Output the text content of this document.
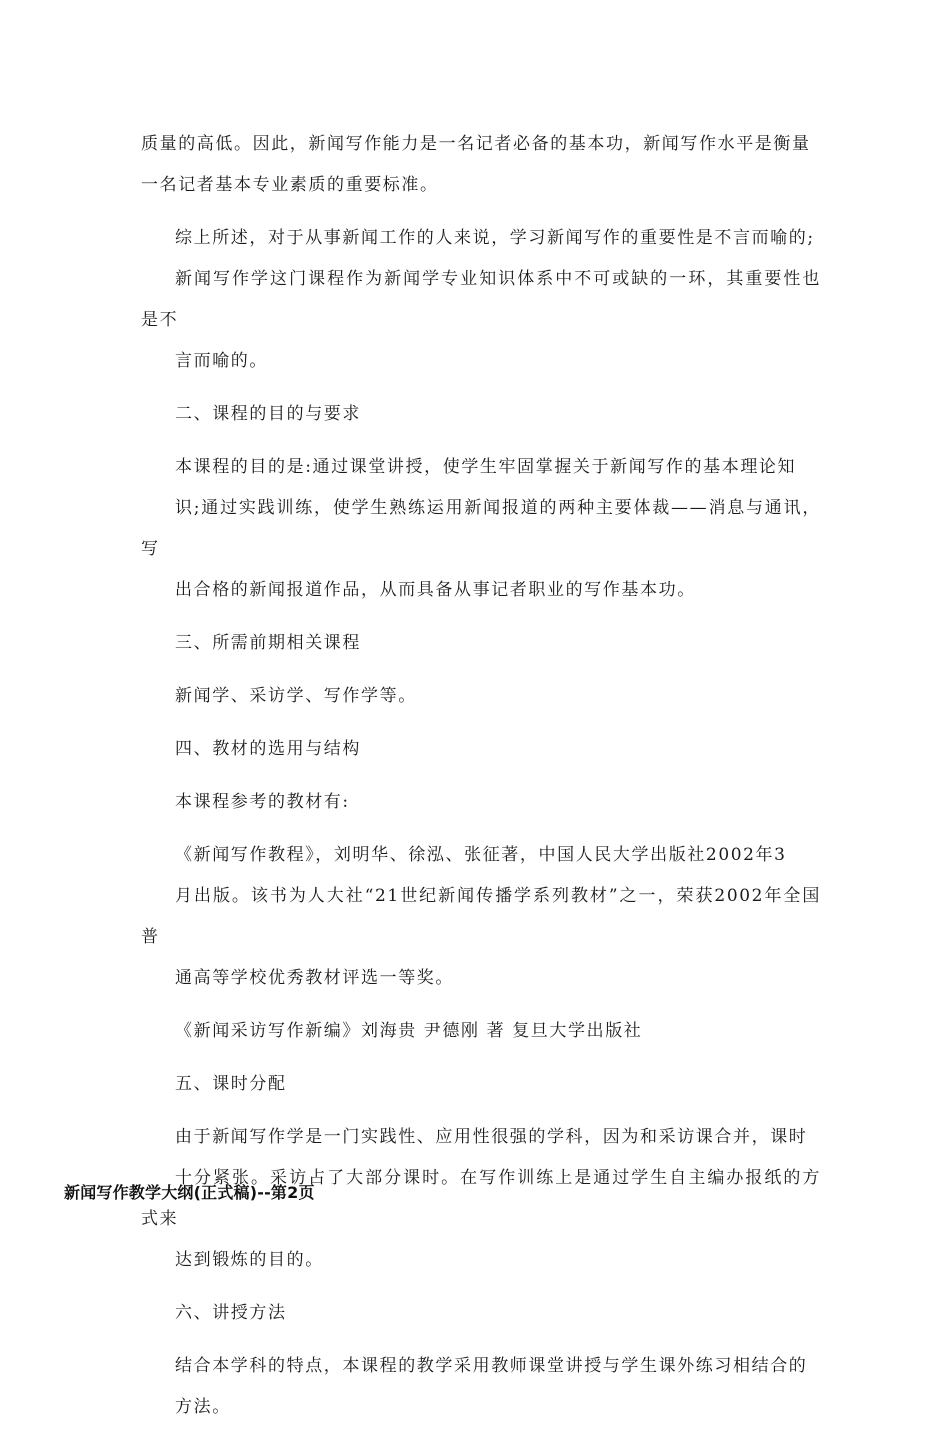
质量的高低。因此，新闻写作能力是一名记者必备的基本功，新闻写作水平是衡量
一名记者基本专业素质的重要标准。

综上所述，对于从事新闻工作的人来说，学习新闻写作的重要性是不言而喻的;
新闻写作学这门课程作为新闻学专业知识体系中不可或缺的一环，其重要性也是不
言而喻的。

二、课程的目的与要求

本课程的目的是:通过课堂讲授，使学生牢固掌握关于新闻写作的基本理论知
识;通过实践训练，使学生熟练运用新闻报道的两种主要体裁——消息与通讯，写
出合格的新闻报道作品，从而具备从事记者职业的写作基本功。

三、所需前期相关课程

新闻学、采访学、写作学等。

四、教材的选用与结构

本课程参考的教材有:

《新闻写作教程》，刘明华、徐泓、张征著，中国人民大学出版社2002年3
月出版。该书为人大社“21世纪新闻传播学系列教材”之一，荣获2002年全国普
通高等学校优秀教材评选一等奖。

《新闻采访写作新编》刘海贵 尹德刚 著 复旦大学出版社

五、课时分配

由于新闻写作学是一门实践性、应用性很强的学科，因为和采访课合并，课时
十分紧张。采访占了大部分课时。在写作训练上是通过学生自主编办报纸的方式来
达到锻炼的目的。

六、讲授方法

结合本学科的特点，本课程的教学采用教师课堂讲授与学生课外练习相结合的
方法。

新闻写作教学大纲(正式稿)--第2页
